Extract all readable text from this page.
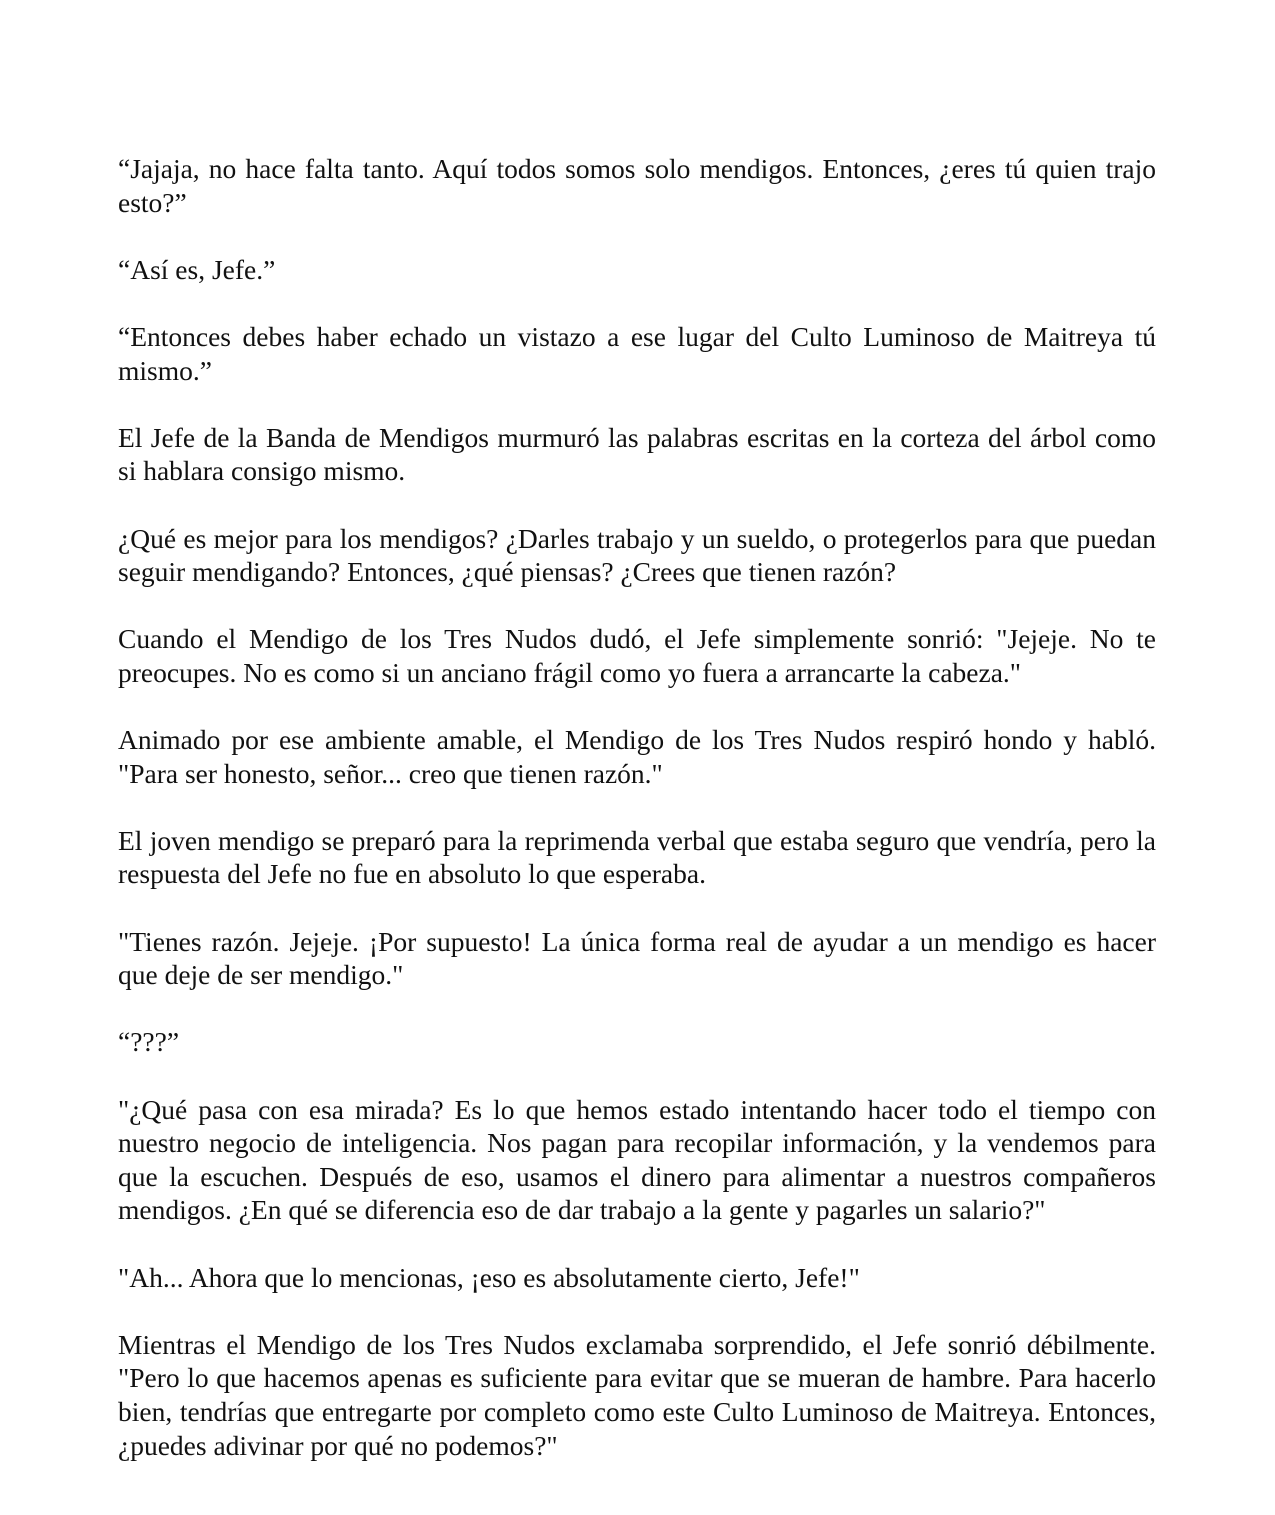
“Jajaja, no hace falta tanto. Aquí todos somos solo mendigos. Entonces, ¿eres tú quien trajo esto?”

“Así es, Jefe.”

“Entonces debes haber echado un vistazo a ese lugar del Culto Luminoso de Maitreya tú mismo.”

El Jefe de la Banda de Mendigos murmuró las palabras escritas en la corteza del árbol como si hablara consigo mismo.

¿Qué es mejor para los mendigos? ¿Darles trabajo y un sueldo, o protegerlos para que puedan seguir mendigando? Entonces, ¿qué piensas? ¿Crees que tienen razón?

Cuando el Mendigo de los Tres Nudos dudó, el Jefe simplemente sonrió: "Jejeje. No te preocupes. No es como si un anciano frágil como yo fuera a arrancarte la cabeza."

Animado por ese ambiente amable, el Mendigo de los Tres Nudos respiró hondo y habló. "Para ser honesto, señor... creo que tienen razón."

El joven mendigo se preparó para la reprimenda verbal que estaba seguro que vendría, pero la respuesta del Jefe no fue en absoluto lo que esperaba.

"Tienes razón. Jejeje. ¡Por supuesto! La única forma real de ayudar a un mendigo es hacer que deje de ser mendigo."

“???”

"¿Qué pasa con esa mirada? Es lo que hemos estado intentando hacer todo el tiempo con nuestro negocio de inteligencia. Nos pagan para recopilar información, y la vendemos para que la escuchen. Después de eso, usamos el dinero para alimentar a nuestros compañeros mendigos. ¿En qué se diferencia eso de dar trabajo a la gente y pagarles un salario?"

"Ah... Ahora que lo mencionas, ¡eso es absolutamente cierto, Jefe!"

Mientras el Mendigo de los Tres Nudos exclamaba sorprendido, el Jefe sonrió débilmente. "Pero lo que hacemos apenas es suficiente para evitar que se mueran de hambre. Para hacerlo bien, tendrías que entregarte por completo como este Culto Luminoso de Maitreya. Entonces, ¿puedes adivinar por qué no podemos?"
